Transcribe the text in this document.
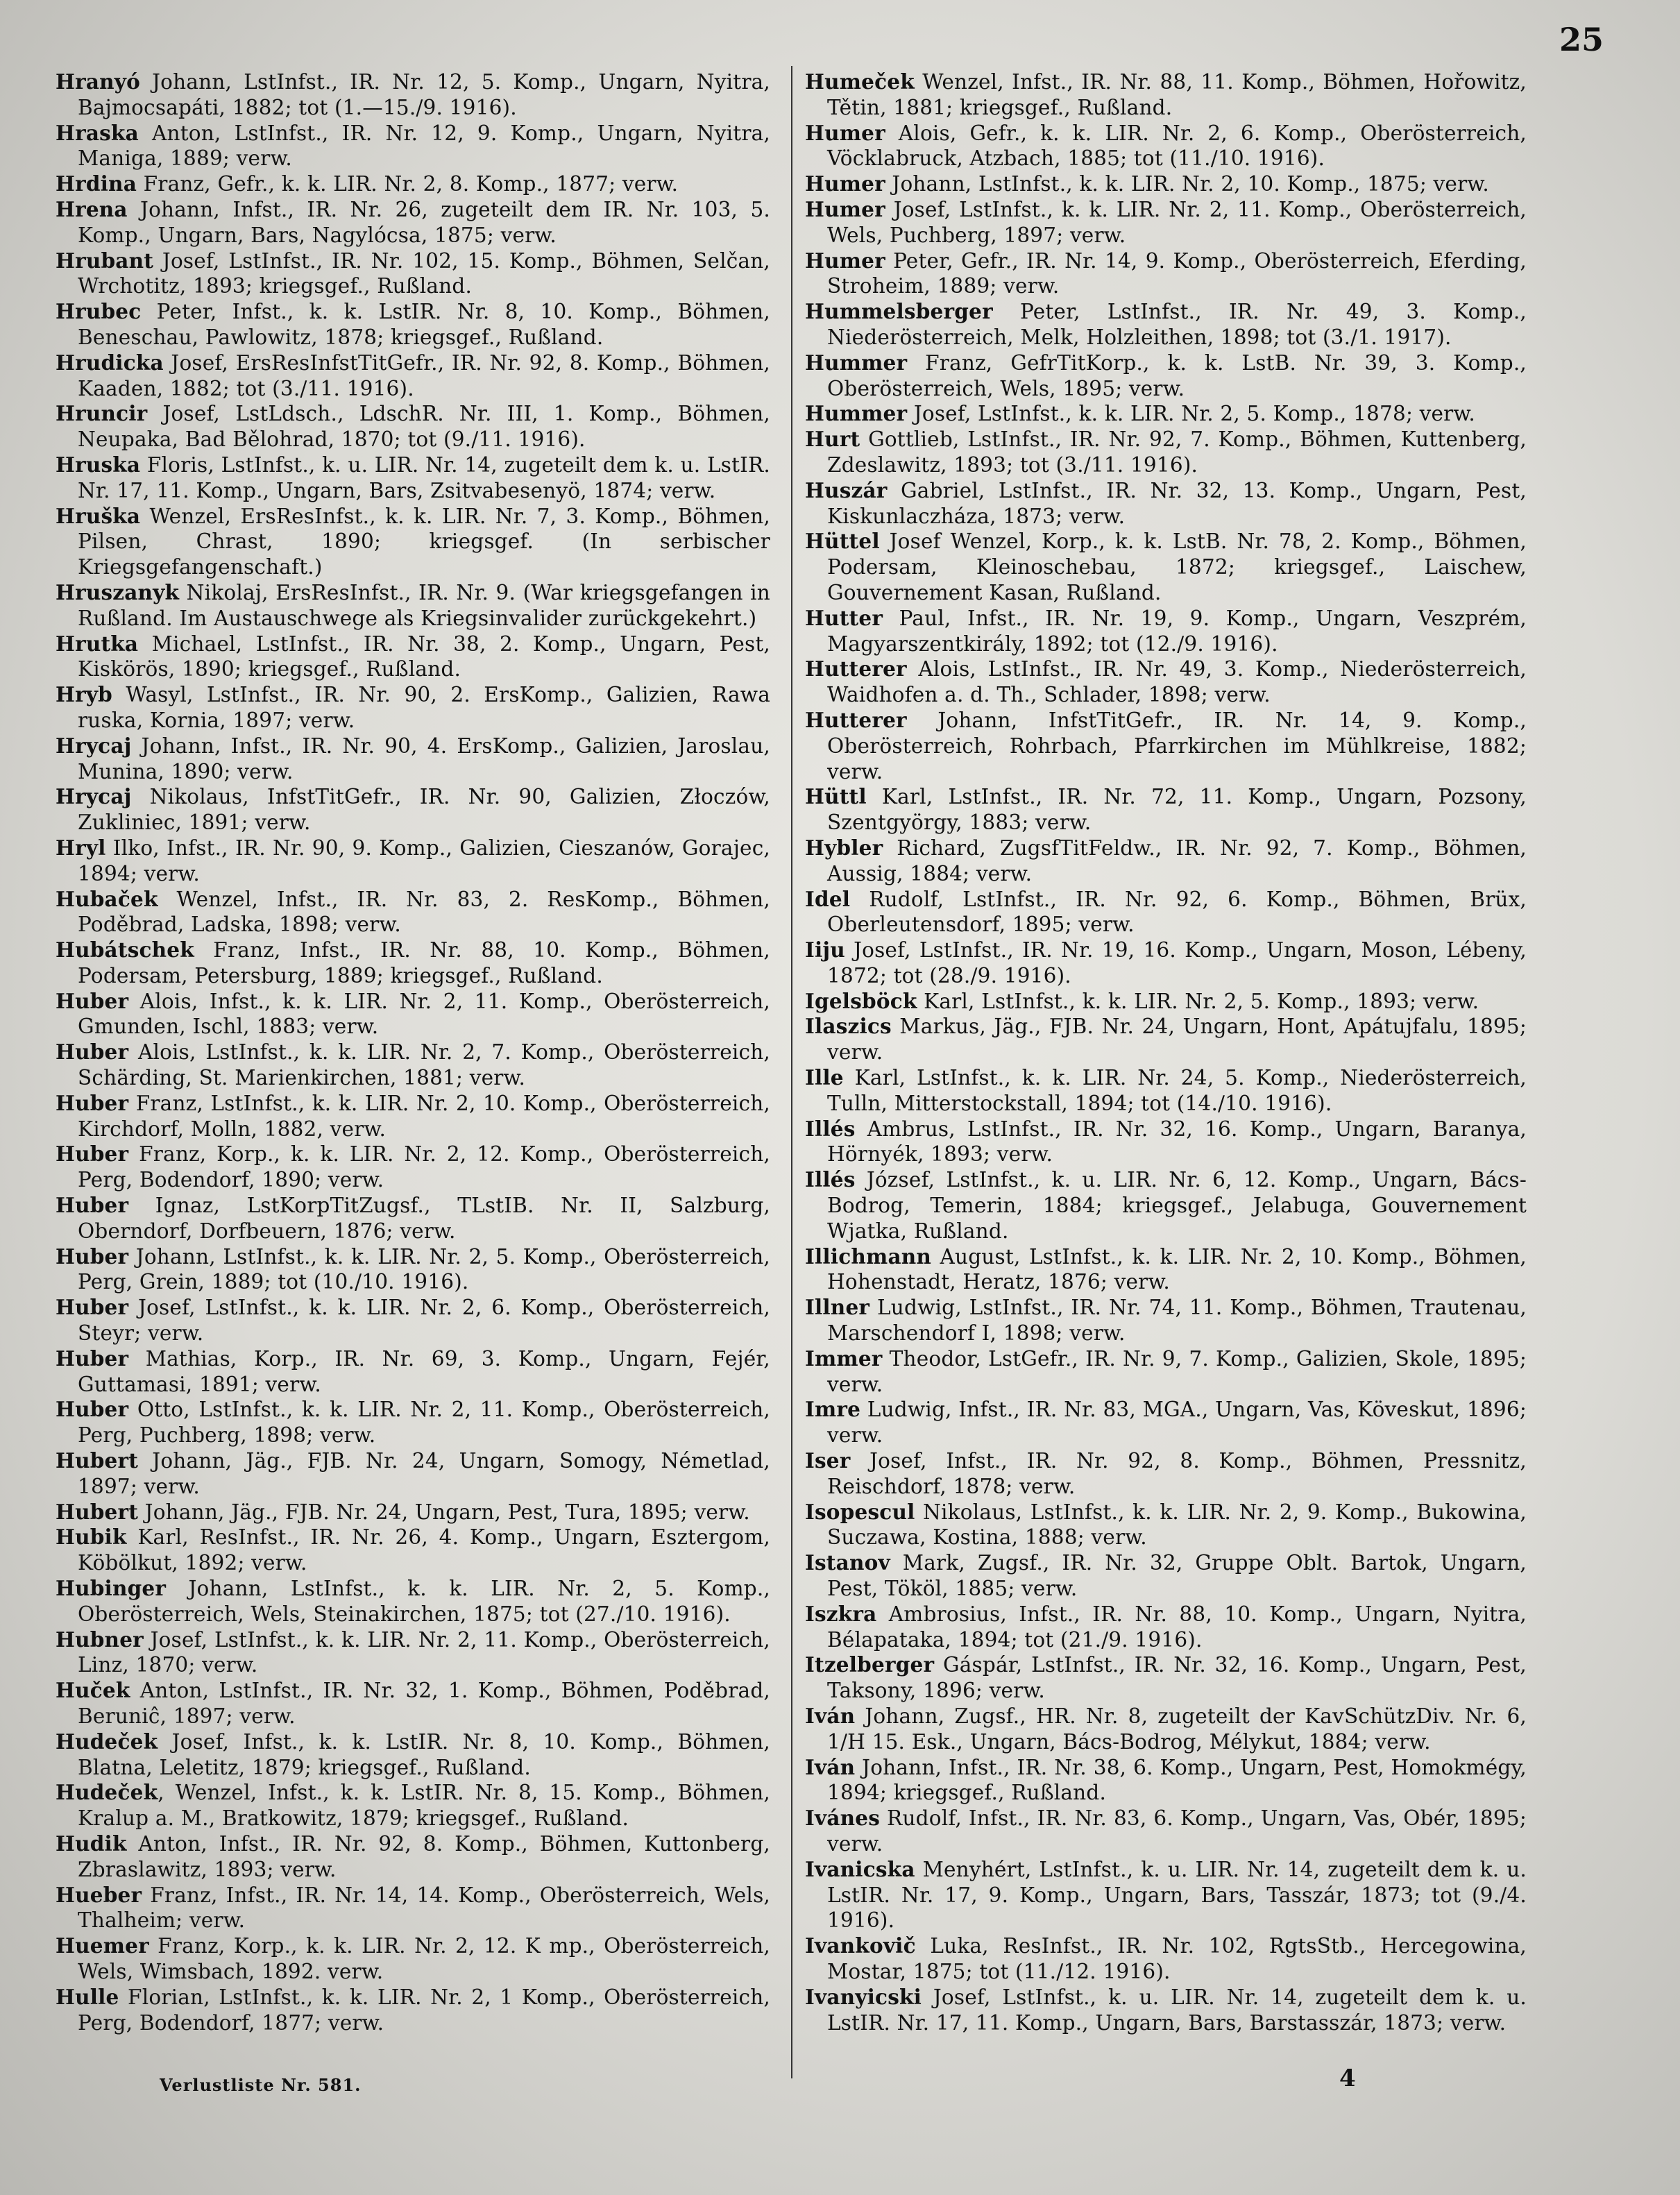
25

Hranyó Johann, LstInfst., IR. Nr. 12, 5. Komp., Ungarn, Nyitra, Bajmocsapáti, 1882; tot (1.—15./9. 1916).

Hraska Anton, LstInfst., IR. Nr. 12, 9. Komp., Ungarn, Nyitra, Maniga, 1889; verw.

Hrdina Franz, Gefr., k. k. LIR. Nr. 2, 8. Komp., 1877; verw.

Hrena Johann, Infst., IR. Nr. 26, zugeteilt dem IR. Nr. 103, 5. Komp., Ungarn, Bars, Nagylócsa, 1875; verw.

Hrubant Josef, LstInfst., IR. Nr. 102, 15. Komp., Böhmen, Selčan, Wrchotitz, 1893; kriegsgef., Rußland.

Hrubec Peter, Infst., k. k. LstIR. Nr. 8, 10. Komp., Böhmen, Beneschau, Pawlowitz, 1878; kriegsgef., Rußland.

Hrudicka Josef, ErsResInfstTitGefr., IR. Nr. 92, 8. Komp., Böhmen, Kaaden, 1882; tot (3./11. 1916).

Hruncir Josef, LstLdsch., LdschR. Nr. III, 1. Komp., Böhmen, Neupaka, Bad Bělohrad, 1870; tot (9./11. 1916).

Hruska Floris, LstInfst., k. u. LIR. Nr. 14, zugeteilt dem k. u. LstIR. Nr. 17, 11. Komp., Ungarn, Bars, Zsitvabesenyö, 1874; verw.

Hruška Wenzel, ErsResInfst., k. k. LIR. Nr. 7, 3. Komp., Böhmen, Pilsen, Chrast, 1890; kriegsgef. (In serbischer Kriegsgefangenschaft.)

Hruszanyk Nikolaj, ErsResInfst., IR. Nr. 9. (War kriegsgefangen in Rußland. Im Austauschwege als Kriegsinvalider zurückgekehrt.)

Hrutka Michael, LstInfst., IR. Nr. 38, 2. Komp., Ungarn, Pest, Kiskörös, 1890; kriegsgef., Rußland.

Hryb Wasyl, LstInfst., IR. Nr. 90, 2. ErsKomp., Galizien, Rawa ruska, Kornia, 1897; verw.

Hrycaj Johann, Infst., IR. Nr. 90, 4. ErsKomp., Galizien, Jaroslau, Munina, 1890; verw.

Hrycaj Nikolaus, InfstTitGefr., IR. Nr. 90, Galizien, Złoczów, Zukliniec, 1891; verw.

Hryl Ilko, Infst., IR. Nr. 90, 9. Komp., Galizien, Cieszanów, Gorajec, 1894; verw.

Hubaček Wenzel, Infst., IR. Nr. 83, 2. ResKomp., Böhmen, Poděbrad, Ladska, 1898; verw.

Hubátschek Franz, Infst., IR. Nr. 88, 10. Komp., Böhmen, Podersam, Petersburg, 1889; kriegsgef., Rußland.

Huber Alois, Infst., k. k. LIR. Nr. 2, 11. Komp., Oberösterreich, Gmunden, Ischl, 1883; verw.

Huber Alois, LstInfst., k. k. LIR. Nr. 2, 7. Komp., Oberösterreich, Schärding, St. Marienkirchen, 1881; verw.

Huber Franz, LstInfst., k. k. LIR. Nr. 2, 10. Komp., Oberösterreich, Kirchdorf, Molln, 1882, verw.

Huber Franz, Korp., k. k. LIR. Nr. 2, 12. Komp., Oberösterreich, Perg, Bodendorf, 1890; verw.

Huber Ignaz, LstKorpTitZugsf., TLstIB. Nr. II, Salzburg, Oberndorf, Dorfbeuern, 1876; verw.

Huber Johann, LstInfst., k. k. LIR. Nr. 2, 5. Komp., Oberösterreich, Perg, Grein, 1889; tot (10./10. 1916).

Huber Josef, LstInfst., k. k. LIR. Nr. 2, 6. Komp., Oberösterreich, Steyr; verw.

Huber Mathias, Korp., IR. Nr. 69, 3. Komp., Ungarn, Fejér, Guttamasi, 1891; verw.

Huber Otto, LstInfst., k. k. LIR. Nr. 2, 11. Komp., Oberösterreich, Perg, Puchberg, 1898; verw.

Hubert Johann, Jäg., FJB. Nr. 24, Ungarn, Somogy, Németlad, 1897; verw.

Hubert Johann, Jäg., FJB. Nr. 24, Ungarn, Pest, Tura, 1895; verw.

Hubik Karl, ResInfst., IR. Nr. 26, 4. Komp., Ungarn, Esztergom, Köbölkut, 1892; verw.

Hubinger Johann, LstInfst., k. k. LIR. Nr. 2, 5. Komp., Oberösterreich, Wels, Steinakirchen, 1875; tot (27./10. 1916).

Hubner Josef, LstInfst., k. k. LIR. Nr. 2, 11. Komp., Oberösterreich, Linz, 1870; verw.

Huček Anton, LstInfst., IR. Nr. 32, 1. Komp., Böhmen, Poděbrad, Beruniĉ, 1897; verw.

Hudeček Josef, Infst., k. k. LstIR. Nr. 8, 10. Komp., Böhmen, Blatna, Leletitz, 1879; kriegsgef., Rußland.

Hudeček, Wenzel, Infst., k. k. LstIR. Nr. 8, 15. Komp., Böhmen, Kralup a. M., Bratkowitz, 1879; kriegsgef., Rußland.

Hudik Anton, Infst., IR. Nr. 92, 8. Komp., Böhmen, Kuttonberg, Zbraslawitz, 1893; verw.

Hueber Franz, Infst., IR. Nr. 14, 14. Komp., Oberösterreich, Wels, Thalheim; verw.

Huemer Franz, Korp., k. k. LIR. Nr. 2, 12. K mp., Oberösterreich, Wels, Wimsbach, 1892. verw.

Hulle Florian, LstInfst., k. k. LIR. Nr. 2, 1 Komp., Oberösterreich, Perg, Bodendorf, 1877; verw.

Humeček Wenzel, Infst., IR. Nr. 88, 11. Komp., Böhmen, Hořowitz, Tětin, 1881; kriegsgef., Rußland.

Humer Alois, Gefr., k. k. LIR. Nr. 2, 6. Komp., Oberösterreich, Vöcklabruck, Atzbach, 1885; tot (11./10. 1916).

Humer Johann, LstInfst., k. k. LIR. Nr. 2, 10. Komp., 1875; verw.

Humer Josef, LstInfst., k. k. LIR. Nr. 2, 11. Komp., Oberösterreich, Wels, Puchberg, 1897; verw.

Humer Peter, Gefr., IR. Nr. 14, 9. Komp., Oberösterreich, Eferding, Stroheim, 1889; verw.

Hummelsberger Peter, LstInfst., IR. Nr. 49, 3. Komp., Niederösterreich, Melk, Holzleithen, 1898; tot (3./1. 1917).

Hummer Franz, GefrTitKorp., k. k. LstB. Nr. 39, 3. Komp., Oberösterreich, Wels, 1895; verw.

Hummer Josef, LstInfst., k. k. LIR. Nr. 2, 5. Komp., 1878; verw.

Hurt Gottlieb, LstInfst., IR. Nr. 92, 7. Komp., Böhmen, Kuttenberg, Zdeslawitz, 1893; tot (3./11. 1916).

Huszár Gabriel, LstInfst., IR. Nr. 32, 13. Komp., Ungarn, Pest, Kiskunlaczháza, 1873; verw.

Hüttel Josef Wenzel, Korp., k. k. LstB. Nr. 78, 2. Komp., Böhmen, Podersam, Kleinoschebau, 1872; kriegsgef., Laischew, Gouvernement Kasan, Rußland.

Hutter Paul, Infst., IR. Nr. 19, 9. Komp., Ungarn, Veszprém, Magyarszentkirály, 1892; tot (12./9. 1916).

Hutterer Alois, LstInfst., IR. Nr. 49, 3. Komp., Niederösterreich, Waidhofen a. d. Th., Schlader, 1898; verw.

Hutterer Johann, InfstTitGefr., IR. Nr. 14, 9. Komp., Oberösterreich, Rohrbach, Pfarrkirchen im Mühlkreise, 1882; verw.

Hüttl Karl, LstInfst., IR. Nr. 72, 11. Komp., Ungarn, Pozsony, Szentgyörgy, 1883; verw.

Hybler Richard, ZugsfTitFeldw., IR. Nr. 92, 7. Komp., Böhmen, Aussig, 1884; verw.

Idel Rudolf, LstInfst., IR. Nr. 92, 6. Komp., Böhmen, Brüx, Oberleutensdorf, 1895; verw.

Iiju Josef, LstInfst., IR. Nr. 19, 16. Komp., Ungarn, Moson, Lébeny, 1872; tot (28./9. 1916).

Igelsböck Karl, LstInfst., k. k. LIR. Nr. 2, 5. Komp., 1893; verw.

Ilaszics Markus, Jäg., FJB. Nr. 24, Ungarn, Hont, Apátujfalu, 1895; verw.

Ille Karl, LstInfst., k. k. LIR. Nr. 24, 5. Komp., Niederösterreich, Tulln, Mitterstockstall, 1894; tot (14./10. 1916).

Illés Ambrus, LstInfst., IR. Nr. 32, 16. Komp., Ungarn, Baranya, Hörnyék, 1893; verw.

Illés József, LstInfst., k. u. LIR. Nr. 6, 12. Komp., Ungarn, Bács-Bodrog, Temerin, 1884; kriegsgef., Jelabuga, Gouvernement Wjatka, Rußland.

Illichmann August, LstInfst., k. k. LIR. Nr. 2, 10. Komp., Böhmen, Hohenstadt, Heratz, 1876; verw.

Illner Ludwig, LstInfst., IR. Nr. 74, 11. Komp., Böhmen, Trautenau, Marschendorf I, 1898; verw.

Immer Theodor, LstGefr., IR. Nr. 9, 7. Komp., Galizien, Skole, 1895; verw.

Imre Ludwig, Infst., IR. Nr. 83, MGA., Ungarn, Vas, Köveskut, 1896; verw.

Iser Josef, Infst., IR. Nr. 92, 8. Komp., Böhmen, Pressnitz, Reischdorf, 1878; verw.

Isopescul Nikolaus, LstInfst., k. k. LIR. Nr. 2, 9. Komp., Bukowina, Suczawa, Kostina, 1888; verw.

Istanov Mark, Zugsf., IR. Nr. 32, Gruppe Oblt. Bartok, Ungarn, Pest, Tököl, 1885; verw.

Iszkra Ambrosius, Infst., IR. Nr. 88, 10. Komp., Ungarn, Nyitra, Bélapataka, 1894; tot (21./9. 1916).

Itzelberger Gáspár, LstInfst., IR. Nr. 32, 16. Komp., Ungarn, Pest, Taksony, 1896; verw.

Iván Johann, Zugsf., HR. Nr. 8, zugeteilt der KavSchützDiv. Nr. 6, 1/H 15. Esk., Ungarn, Bács-Bodrog, Mélykut, 1884; verw.

Iván Johann, Infst., IR. Nr. 38, 6. Komp., Ungarn, Pest, Homokmégy, 1894; kriegsgef., Rußland.

Ivánes Rudolf, Infst., IR. Nr. 83, 6. Komp., Ungarn, Vas, Obér, 1895; verw.

Ivanicska Menyhért, LstInfst., k. u. LIR. Nr. 14, zugeteilt dem k. u. LstIR. Nr. 17, 9. Komp., Ungarn, Bars, Tasszár, 1873; tot (9./4. 1916).

Ivankovič Luka, ResInfst., IR. Nr. 102, RgtsStb., Hercegowina, Mostar, 1875; tot (11./12. 1916).

Ivanyicski Josef, LstInfst., k. u. LIR. Nr. 14, zugeteilt dem k. u. LstIR. Nr. 17, 11. Komp., Ungarn, Bars, Barstasszár, 1873; verw.

Verlustliste Nr. 581.	4
